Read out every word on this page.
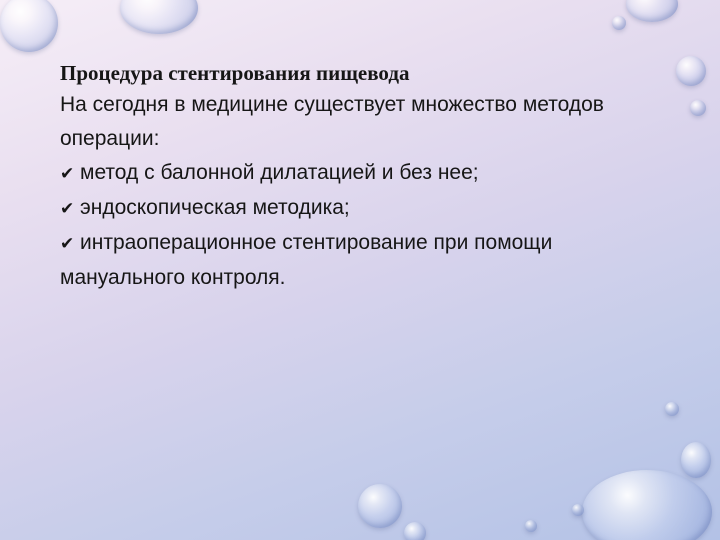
Процедура стентирования пищевода

На сегодня в медицине существует множество методов операции:

✔ метод с балонной дилатацией и без нее;
✔ эндоскопическая методика;
✔ интраоперационное стентирование при помощи мануального контроля.
